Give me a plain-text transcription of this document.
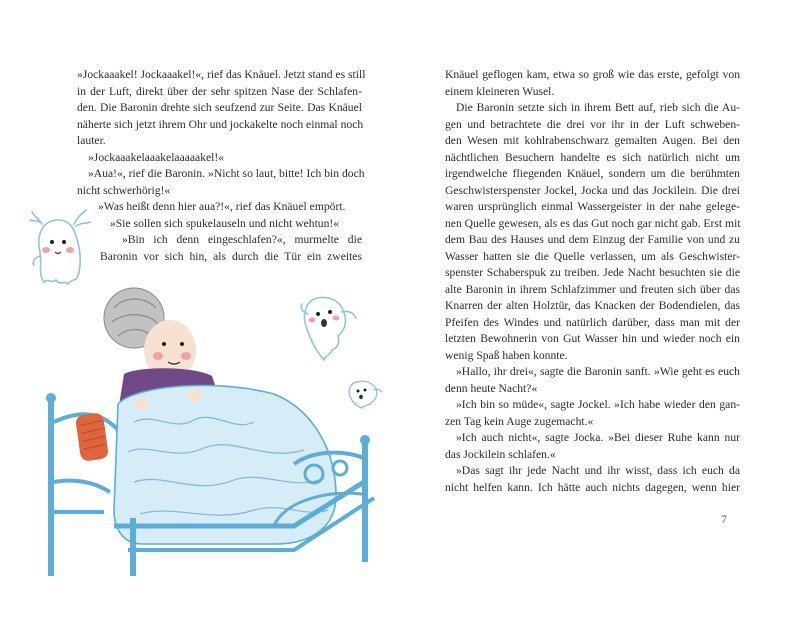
»Jockaaakel! Jockaaakel!«, rief das Knäuel. Jetzt stand es still

in der Luft, direkt über der sehr spitzen Nase der Schlafen-

den. Die Baronin drehte sich seufzend zur Seite. Das Knäuel

näherte sich jetzt ihrem Ohr und jockakelte noch einmal noch

lauter.

»Jockaaakelaaakelaaaaakel!«

»Aua!«, rief die Baronin. »Nicht so laut, bitte! Ich bin doch

nicht schwerhörig!«

»Was heißt denn hier aua?!«, rief das Knäuel empört.

»Sie sollen sich spukelauseln und nicht wehtun!«

»Bin ich denn eingeschlafen?«, murmelte die

Baronin vor sich hin, als durch die Tür ein zweites

Knäuel geflogen kam, etwa so groß wie das erste, gefolgt von

einem kleineren Wusel.

Die Baronin setzte sich in ihrem Bett auf, rieb sich die Au-

gen und betrachtete die drei vor ihr in der Luft schweben-

den Wesen mit kohlrabenschwarz gemalten Augen. Bei den

nächtlichen Besuchern handelte es sich natürlich nicht um

irgendwelche fliegenden Knäuel, sondern um die berühmten

Geschwisterspenster Jockel, Jocka und das Jockilein. Die drei

waren ursprünglich einmal Wassergeister in der nahe gelege-

nen Quelle gewesen, als es das Gut noch gar nicht gab. Erst mit

dem Bau des Hauses und dem Einzug der Familie von und zu

Wasser hatten sie die Quelle verlassen, um als Geschwister-

spenster Schaberspuk zu treiben. Jede Nacht besuchten sie die

alte Baronin in ihrem Schlafzimmer und freuten sich über das

Knarren der alten Holztür, das Knacken der Bodendielen, das

Pfeifen des Windes und natürlich darüber, dass man mit der

letzten Bewohnerin von Gut Wasser hin und wieder noch ein

wenig Spaß haben konnte.

»Hallo, ihr drei«, sagte die Baronin sanft. »Wie geht es euch

denn heute Nacht?«

»Ich bin so müde«, sagte Jockel. »Ich habe wieder den gan-

zen Tag kein Auge zugemacht.«

»Ich auch nicht«, sagte Jocka. »Bei dieser Ruhe kann nur

das Jockilein schlafen.«

»Das sagt ihr jede Nacht und ihr wisst, dass ich euch da

nicht helfen kann. Ich hätte auch nichts dagegen, wenn hier

7
